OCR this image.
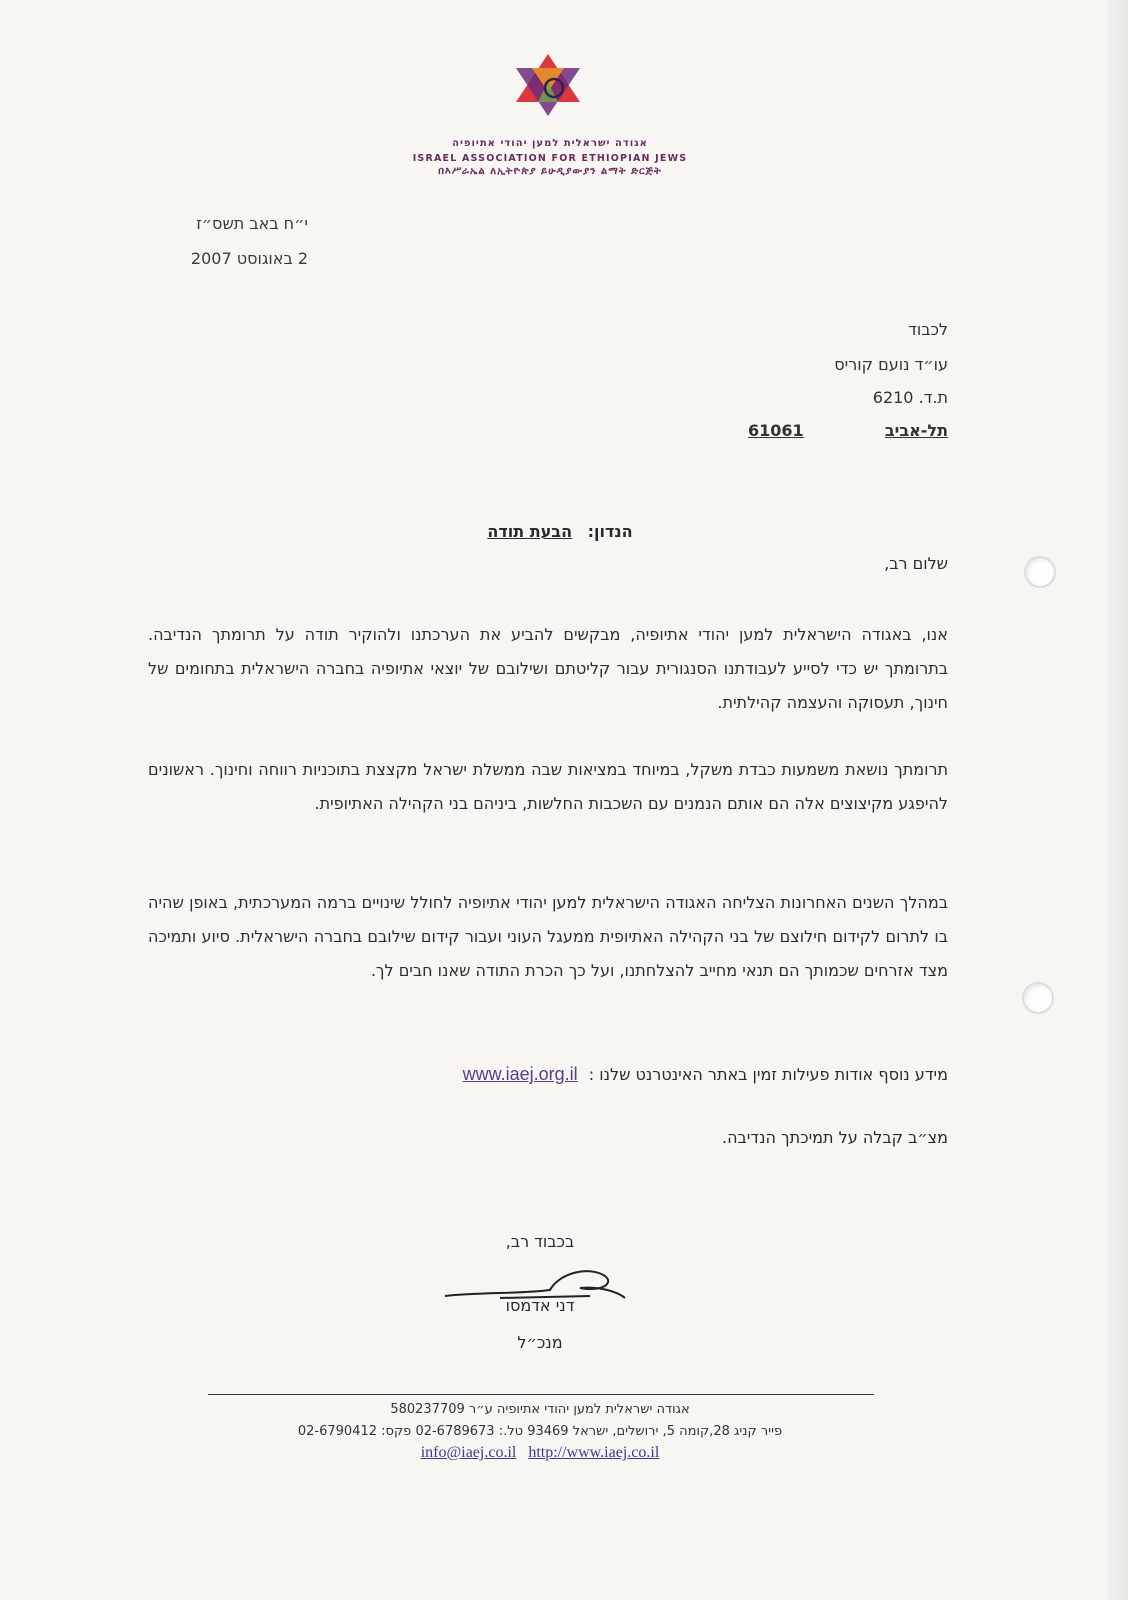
אגודה ישראלית למען יהודי אתיופיה
ISRAEL ASSOCIATION FOR ETHIOPIAN JEWS
በእሥራኤል ለኢትዮጵያ ይሁዲያውያን ልማት ድርጅት
י״ח באב תשס״ז
2 באוגוסט 2007
לכבוד
עו״ד נועם קוריס
ת.ד. 6210
תל-אביב
61061
הנדון: הבעת תודה
שלום רב,
אנו, באגודה הישראלית למען יהודי אתיופיה, מבקשים להביע את הערכתנו ולהוקיר תודה על תרומתך הנדיבה. בתרומתך יש כדי לסייע לעבודתנו הסנגורית עבור קליטתם ושילובם של יוצאי אתיופיה בחברה הישראלית בתחומים של חינוך, תעסוקה והעצמה קהילתית.
תרומתך נושאת משמעות כבדת משקל, במיוחד במציאות שבה ממשלת ישראל מקצצת בתוכניות רווחה וחינוך. ראשונים להיפגע מקיצוצים אלה הם אותם הנמנים עם השכבות החלשות, ביניהם בני הקהילה האתיופית.
במהלך השנים האחרונות הצליחה האגודה הישראלית למען יהודי אתיופיה לחולל שינויים ברמה המערכתית, באופן שהיה בו לתרום לקידום חילוצם של בני הקהילה האתיופית ממעגל העוני ועבור קידום שילובם בחברה הישראלית. סיוע ותמיכה מצד אזרחים שכמותך הם תנאי מחייב להצלחתנו, ועל כך הכרת התודה שאנו חבים לך.
מידע נוסף אודות פעילות זמין באתר האינטרנט שלנו : www.iaej.org.il
מצ״ב קבלה על תמיכתך הנדיבה.
בכבוד רב,
דני אדמסו
מנכ״ל
אגודה ישראלית למען יהודי אתיופיה ע״ר 580237709
פייר קניג 28,קומה 5, ירושלים, ישראל 93469 טל.: 02-6789673 פקס: 02-6790412
info@iaej.co.il http://www.iaej.co.il
